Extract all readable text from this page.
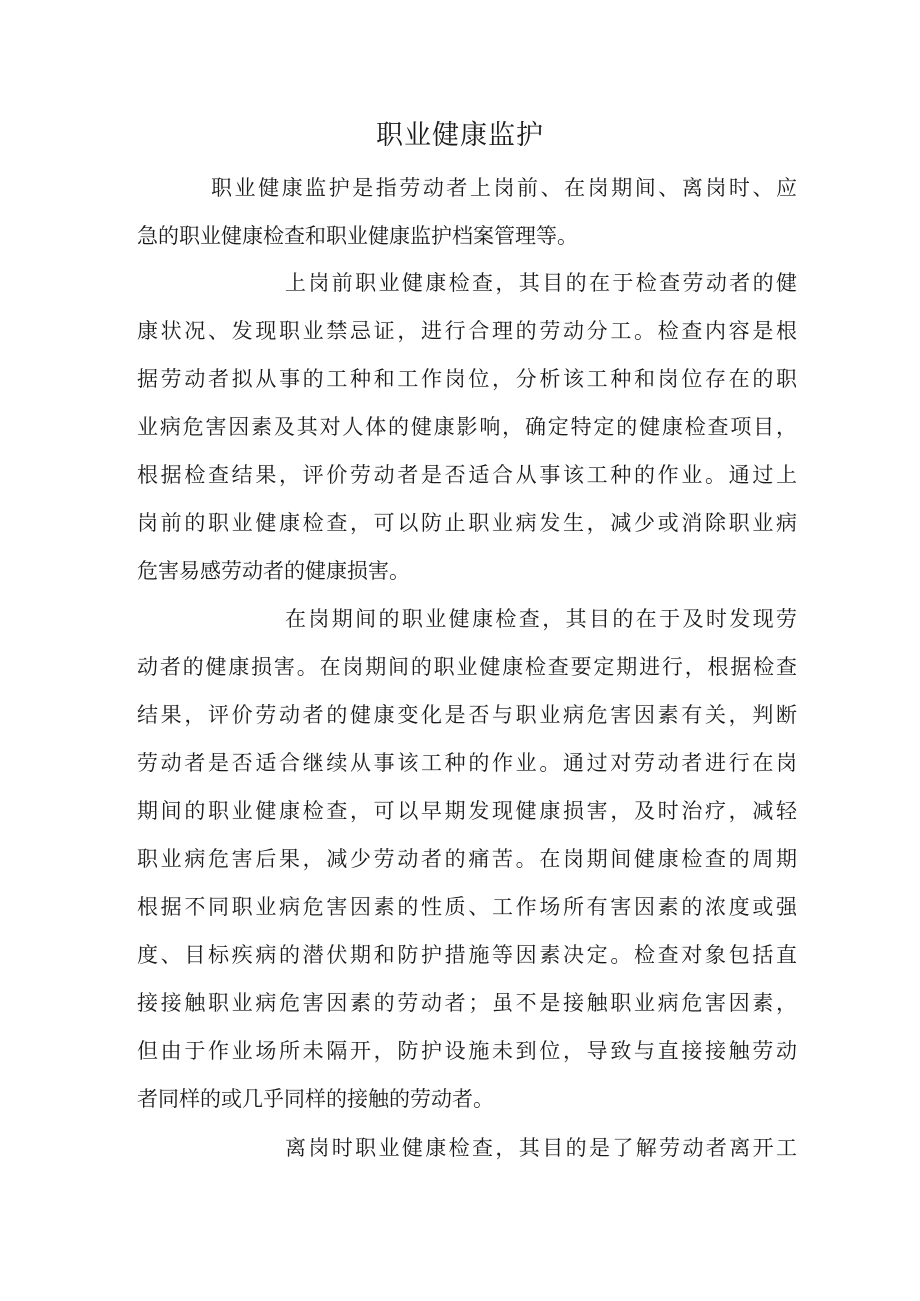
职业健康监护
职业健康监护是指劳动者上岗前、在岗期间、离岗时、应
急的职业健康检查和职业健康监护档案管理等。
上岗前职业健康检查，其目的在于检查劳动者的健
康状况、发现职业禁忌证，进行合理的劳动分工。检查内容是根
据劳动者拟从事的工种和工作岗位，分析该工种和岗位存在的职
业病危害因素及其对人体的健康影响，确定特定的健康检查项目，
根据检查结果，评价劳动者是否适合从事该工种的作业。通过上
岗前的职业健康检查，可以防止职业病发生，减少或消除职业病
危害易感劳动者的健康损害。
在岗期间的职业健康检查，其目的在于及时发现劳
动者的健康损害。在岗期间的职业健康检查要定期进行，根据检查
结果，评价劳动者的健康变化是否与职业病危害因素有关，判断
劳动者是否适合继续从事该工种的作业。通过对劳动者进行在岗
期间的职业健康检查，可以早期发现健康损害，及时治疗，减轻
职业病危害后果，减少劳动者的痛苦。在岗期间健康检查的周期
根据不同职业病危害因素的性质、工作场所有害因素的浓度或强
度、目标疾病的潜伏期和防护措施等因素决定。检查对象包括直
接接触职业病危害因素的劳动者；虽不是接触职业病危害因素，
但由于作业场所未隔开，防护设施未到位，导致与直接接触劳动
者同样的或几乎同样的接触的劳动者。
离岗时职业健康检查，其目的是了解劳动者离开工
